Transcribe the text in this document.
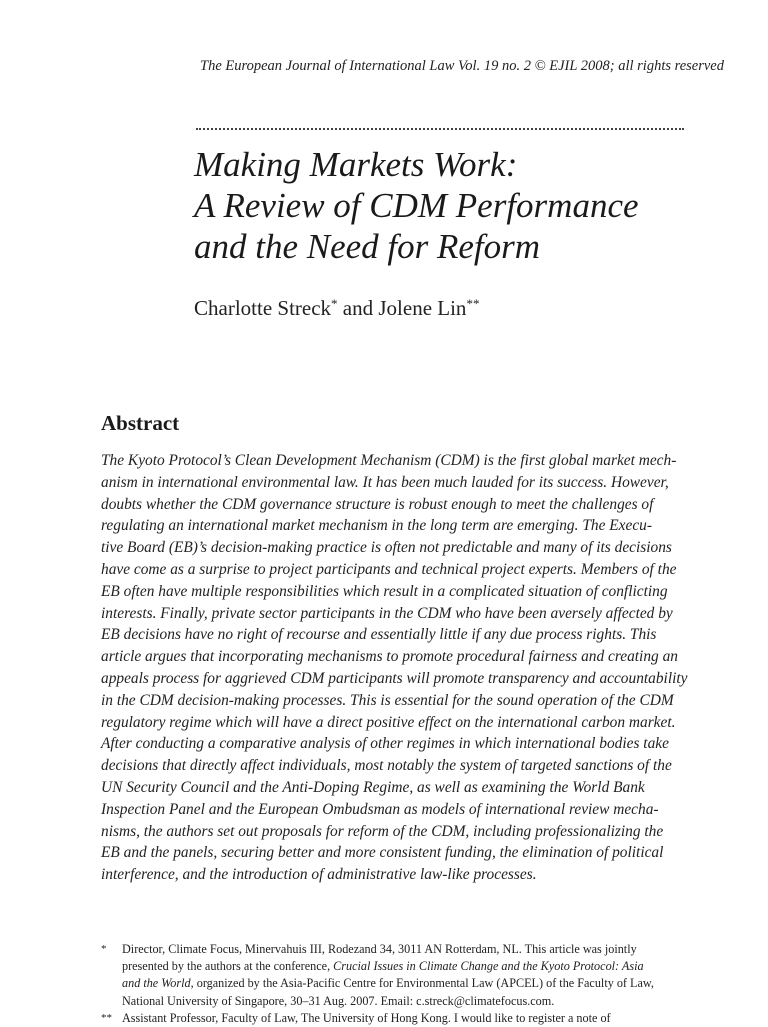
The European Journal of International Law Vol. 19 no. 2 © EJIL 2008; all rights reserved
Making Markets Work:
A Review of CDM Performance
and the Need for Reform
Charlotte Streck* and Jolene Lin**
Abstract
The Kyoto Protocol’s Clean Development Mechanism (CDM) is the first global market mech-
anism in international environmental law. It has been much lauded for its success. However,
doubts whether the CDM governance structure is robust enough to meet the challenges of
regulating an international market mechanism in the long term are emerging. The Execu-
tive Board (EB)’s decision-making practice is often not predictable and many of its decisions
have come as a surprise to project participants and technical project experts. Members of the
EB often have multiple responsibilities which result in a complicated situation of conflicting
interests. Finally, private sector participants in the CDM who have been aversely affected by
EB decisions have no right of recourse and essentially little if any due process rights. This
article argues that incorporating mechanisms to promote procedural fairness and creating an
appeals process for aggrieved CDM participants will promote transparency and accountability
in the CDM decision-making processes. This is essential for the sound operation of the CDM
regulatory regime which will have a direct positive effect on the international carbon market.
After conducting a comparative analysis of other regimes in which international bodies take
decisions that directly affect individuals, most notably the system of targeted sanctions of the
UN Security Council and the Anti-Doping Regime, as well as examining the World Bank
Inspection Panel and the European Ombudsman as models of international review mecha-
nisms, the authors set out proposals for reform of the CDM, including professionalizing the
EB and the panels, securing better and more consistent funding, the elimination of political
interference, and the introduction of administrative law-like processes.
* Director, Climate Focus, Minervahuis III, Rodezand 34, 3011 AN Rotterdam, NL. This article was jointly
presented by the authors at the conference, Crucial Issues in Climate Change and the Kyoto Protocol: Asia
and the World, organized by the Asia-Pacific Centre for Environmental Law (APCEL) of the Faculty of Law,
National University of Singapore, 30–31 Aug. 2007. Email: c.streck@climatefocus.com.
** Assistant Professor, Faculty of Law, The University of Hong Kong. I would like to register a note of
